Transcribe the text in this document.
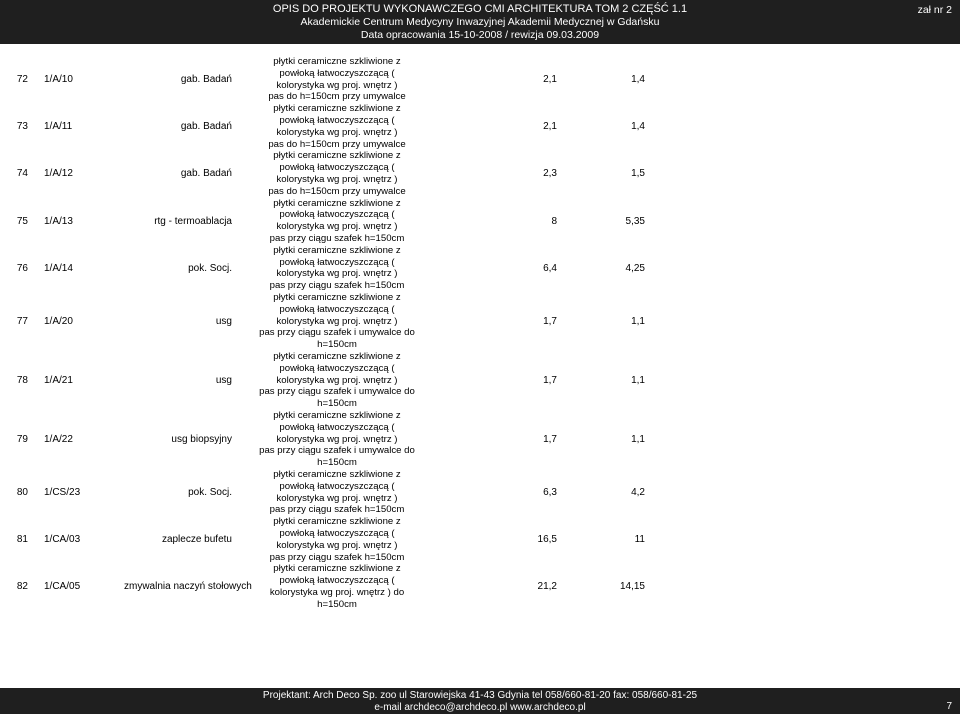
OPIS DO PROJEKTU WYKONAWCZEGO CMI ARCHITEKTURA TOM 2 CZĘŚĆ 1.1
Akademickie Centrum Medycyny Inwazyjnej Akademii Medycznej w Gdańsku
Data opracowania 15-10-2008 / rewizja 09.03.2009
zał nr 2
72	1/A/10	gab. Badań	płytki ceramiczne szkliwione z
powłoką łatwoczyszczącą (
kolorystyka wg proj. wnętrz )
pas do h=150cm przy umywalce	2,1	1,4	
73	1/A/11	gab. Badań	płytki ceramiczne szkliwione z
powłoką łatwoczyszczącą (
kolorystyka wg proj. wnętrz )
pas do h=150cm przy umywalce	2,1	1,4	
74	1/A/12	gab. Badań	płytki ceramiczne szkliwione z
powłoką łatwoczyszczącą (
kolorystyka wg proj. wnętrz )
pas do h=150cm przy umywalce	2,3	1,5	
75	1/A/13	rtg - termoablacja	płytki ceramiczne szkliwione z
powłoką łatwoczyszczącą (
kolorystyka wg proj. wnętrz )
pas przy ciągu szafek h=150cm	8	5,35	
76	1/A/14	pok. Socj.	płytki ceramiczne szkliwione z
powłoką łatwoczyszczącą (
kolorystyka wg proj. wnętrz )
pas przy ciągu szafek h=150cm	6,4	4,25	
77	1/A/20	usg	płytki ceramiczne szkliwione z
powłoką łatwoczyszczącą (
kolorystyka wg proj. wnętrz )
pas przy ciągu szafek i umywalce do
h=150cm	1,7	1,1	
78	1/A/21	usg	płytki ceramiczne szkliwione z
powłoką łatwoczyszczącą (
kolorystyka wg proj. wnętrz )
pas przy ciągu szafek i umywalce do
h=150cm	1,7	1,1	
79	1/A/22	usg biopsyjny	płytki ceramiczne szkliwione z
powłoką łatwoczyszczącą (
kolorystyka wg proj. wnętrz )
pas przy ciągu szafek i umywalce do
h=150cm	1,7	1,1	
80	1/CS/23	pok. Socj.	płytki ceramiczne szkliwione z
powłoką łatwoczyszczącą (
kolorystyka wg proj. wnętrz )
pas przy ciągu szafek h=150cm	6,3	4,2	
81	1/CA/03	zaplecze bufetu	płytki ceramiczne szkliwione z
powłoką łatwoczyszczącą (
kolorystyka wg proj. wnętrz )
pas przy ciągu szafek h=150cm	16,5	11	
82	1/CA/05	zmywalnia naczyń stołowych	płytki ceramiczne szkliwione z
powłoką łatwoczyszczącą (
kolorystyka wg proj. wnętrz ) do
h=150cm	21,2	14,15	
Projektant: Arch Deco Sp. zoo ul Starowiejska 41-43 Gdynia tel 058/660-81-20 fax: 058/660-81-25
e-mail archdeco@archdeco.pl www.archdeco.pl	7
